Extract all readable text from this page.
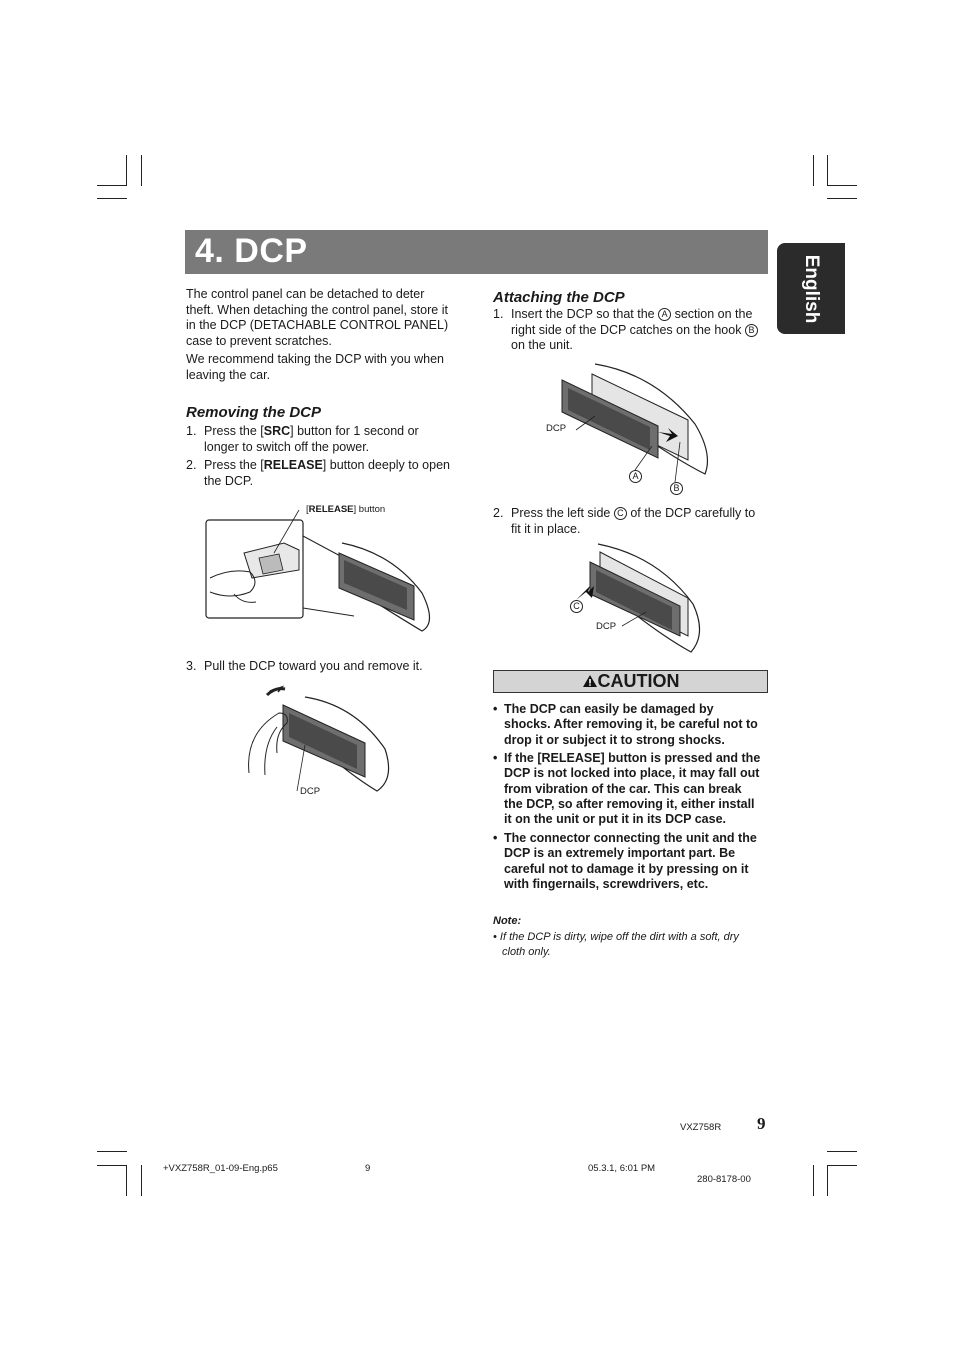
4. DCP
English
The control panel can be detached to deter
theft. When detaching the control panel, store it
in the DCP (DETACHABLE CONTROL PANEL)
case to prevent scratches.
We recommend taking the DCP with you when
leaving the car.
Removing the DCP
1. Press the [SRC] button for 1 second or
longer to switch off the power.
2. Press the [RELEASE] button deeply to open
the DCP.
[RELEASE] button
3. Pull the DCP toward you and remove it.
DCP
Attaching the DCP
1. Insert the DCP so that the A section on the
right side of the DCP catches on the hook B
on the unit.
DCP
A
B
2. Press the left side C of the DCP carefully to
fit it in place.
C
DCP
CAUTION
• The DCP can easily be damaged by
shocks. After removing it, be careful not to
drop it or subject it to strong shocks.
• If the [RELEASE] button is pressed and the
DCP is not locked into place, it may fall out
from vibration of the car. This can break
the DCP, so after removing it, either install
it on the unit or put it in its DCP case.
• The connector connecting the unit and the
DCP is an extremely important part. Be
careful not to damage it by pressing on it
with fingernails, screwdrivers, etc.
Note:
• If the DCP is dirty, wipe off the dirt with a soft, dry
cloth only.
VXZ758R 9
+VXZ758R_01-09-Eng.p65	9	05.3.1, 6:01 PM
280-8178-00
